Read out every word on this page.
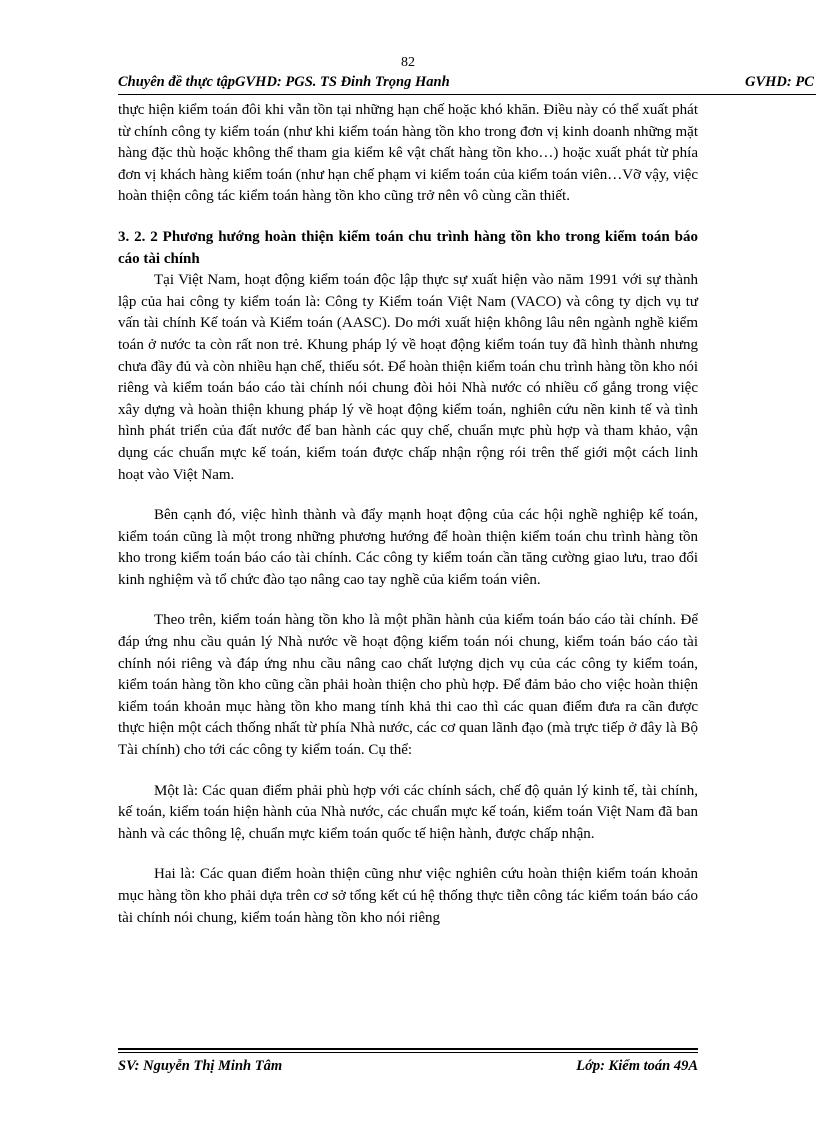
82
Chuyên đề thực tậpGVHD: PGS. TS Đinh Trọng Hanh	GVHD: PC

thực hiện kiểm toán đôi khi vẫn tồn tại những hạn chế hoặc khó khăn. Điều này có thể xuất phát từ chính công ty kiểm toán (như khi kiểm toán hàng tồn kho trong đơn vị kinh doanh những mặt hàng đặc thù hoặc không thể tham gia kiểm kê vật chất hàng tồn kho…) hoặc xuất phát từ phía đơn vị khách hàng kiểm toán (như hạn chế phạm vi kiểm toán của kiểm toán viên…Vỡ vậy, việc hoàn thiện công tác kiểm toán hàng tồn kho cũng trở nên vô cùng cần thiết.

3. 2. 2 Phương hướng hoàn thiện kiểm toán chu trình hàng tồn kho trong kiểm toán báo cáo tài chính

Tại Việt Nam, hoạt động kiểm toán độc lập thực sự xuất hiện vào năm 1991 với sự thành lập của hai công ty kiểm toán là: Công ty Kiểm toán Việt Nam (VACO) và công ty dịch vụ tư vấn tài chính Kế toán và Kiểm toán (AASC). Do mới xuất hiện không lâu nên ngành nghề kiểm toán ở nước ta còn rất non trẻ. Khung pháp lý về hoạt động kiểm toán tuy đã hình thành nhưng chưa đầy đủ và còn nhiều hạn chế, thiếu sót. Để hoàn thiện kiểm toán chu trình hàng tồn kho nói riêng và kiểm toán báo cáo tài chính nói chung đòi hỏi Nhà nước có nhiều cố gắng trong việc xây dựng và hoàn thiện khung pháp lý về hoạt động kiểm toán, nghiên cứu nền kinh tế và tình hình phát triển của đất nước để ban hành các quy chế, chuẩn mực phù hợp và tham khảo, vận dụng các chuẩn mực kế toán, kiểm toán được chấp nhận rộng rói trên thế giới một cách linh hoạt vào Việt Nam.

Bên cạnh đó, việc hình thành và đẩy mạnh hoạt động của các hội nghề nghiệp kế toán, kiểm toán cũng là một trong những phương hướng để hoàn thiện kiểm toán chu trình hàng tồn kho trong kiểm toán báo cáo tài chính. Các công ty kiểm toán cần tăng cường giao lưu, trao đổi kinh nghiệm và tổ chức đào tạo nâng cao tay nghề của kiểm toán viên.

Theo trên, kiểm toán hàng tồn kho là một phần hành của kiểm toán báo cáo tài chính. Để đáp ứng nhu cầu quản lý Nhà nước về hoạt động kiểm toán nói chung, kiểm toán báo cáo tài chính nói riêng và đáp ứng nhu cầu nâng cao chất lượng dịch vụ của các công ty kiểm toán, kiểm toán hàng tồn kho cũng cần phải hoàn thiện cho phù hợp. Để đảm bảo cho việc hoàn thiện kiểm toán khoản mục hàng tồn kho mang tính khả thi cao thì các quan điểm đưa ra cần được thực hiện một cách thống nhất từ phía Nhà nước, các cơ quan lãnh đạo (mà trực tiếp ở đây là Bộ Tài chính) cho tới các công ty kiểm toán. Cụ thể:

Một là: Các quan điểm phải phù hợp với các chính sách, chế độ quản lý kinh tế, tài chính, kế toán, kiểm toán hiện hành của Nhà nước, các chuẩn mực kế toán, kiểm toán Việt Nam đã ban hành và các thông lệ, chuẩn mực kiểm toán quốc tế hiện hành, được chấp nhận.

Hai là: Các quan điểm hoàn thiện cũng như việc nghiên cứu hoàn thiện kiểm toán khoản mục hàng tồn kho phải dựa trên cơ sở tổng kết cú hệ thống thực tiễn công tác kiểm toán báo cáo tài chính nói chung, kiểm toán hàng tồn kho nói riêng

SV: Nguyễn Thị Minh Tâm	Lớp: Kiểm toán 49A
